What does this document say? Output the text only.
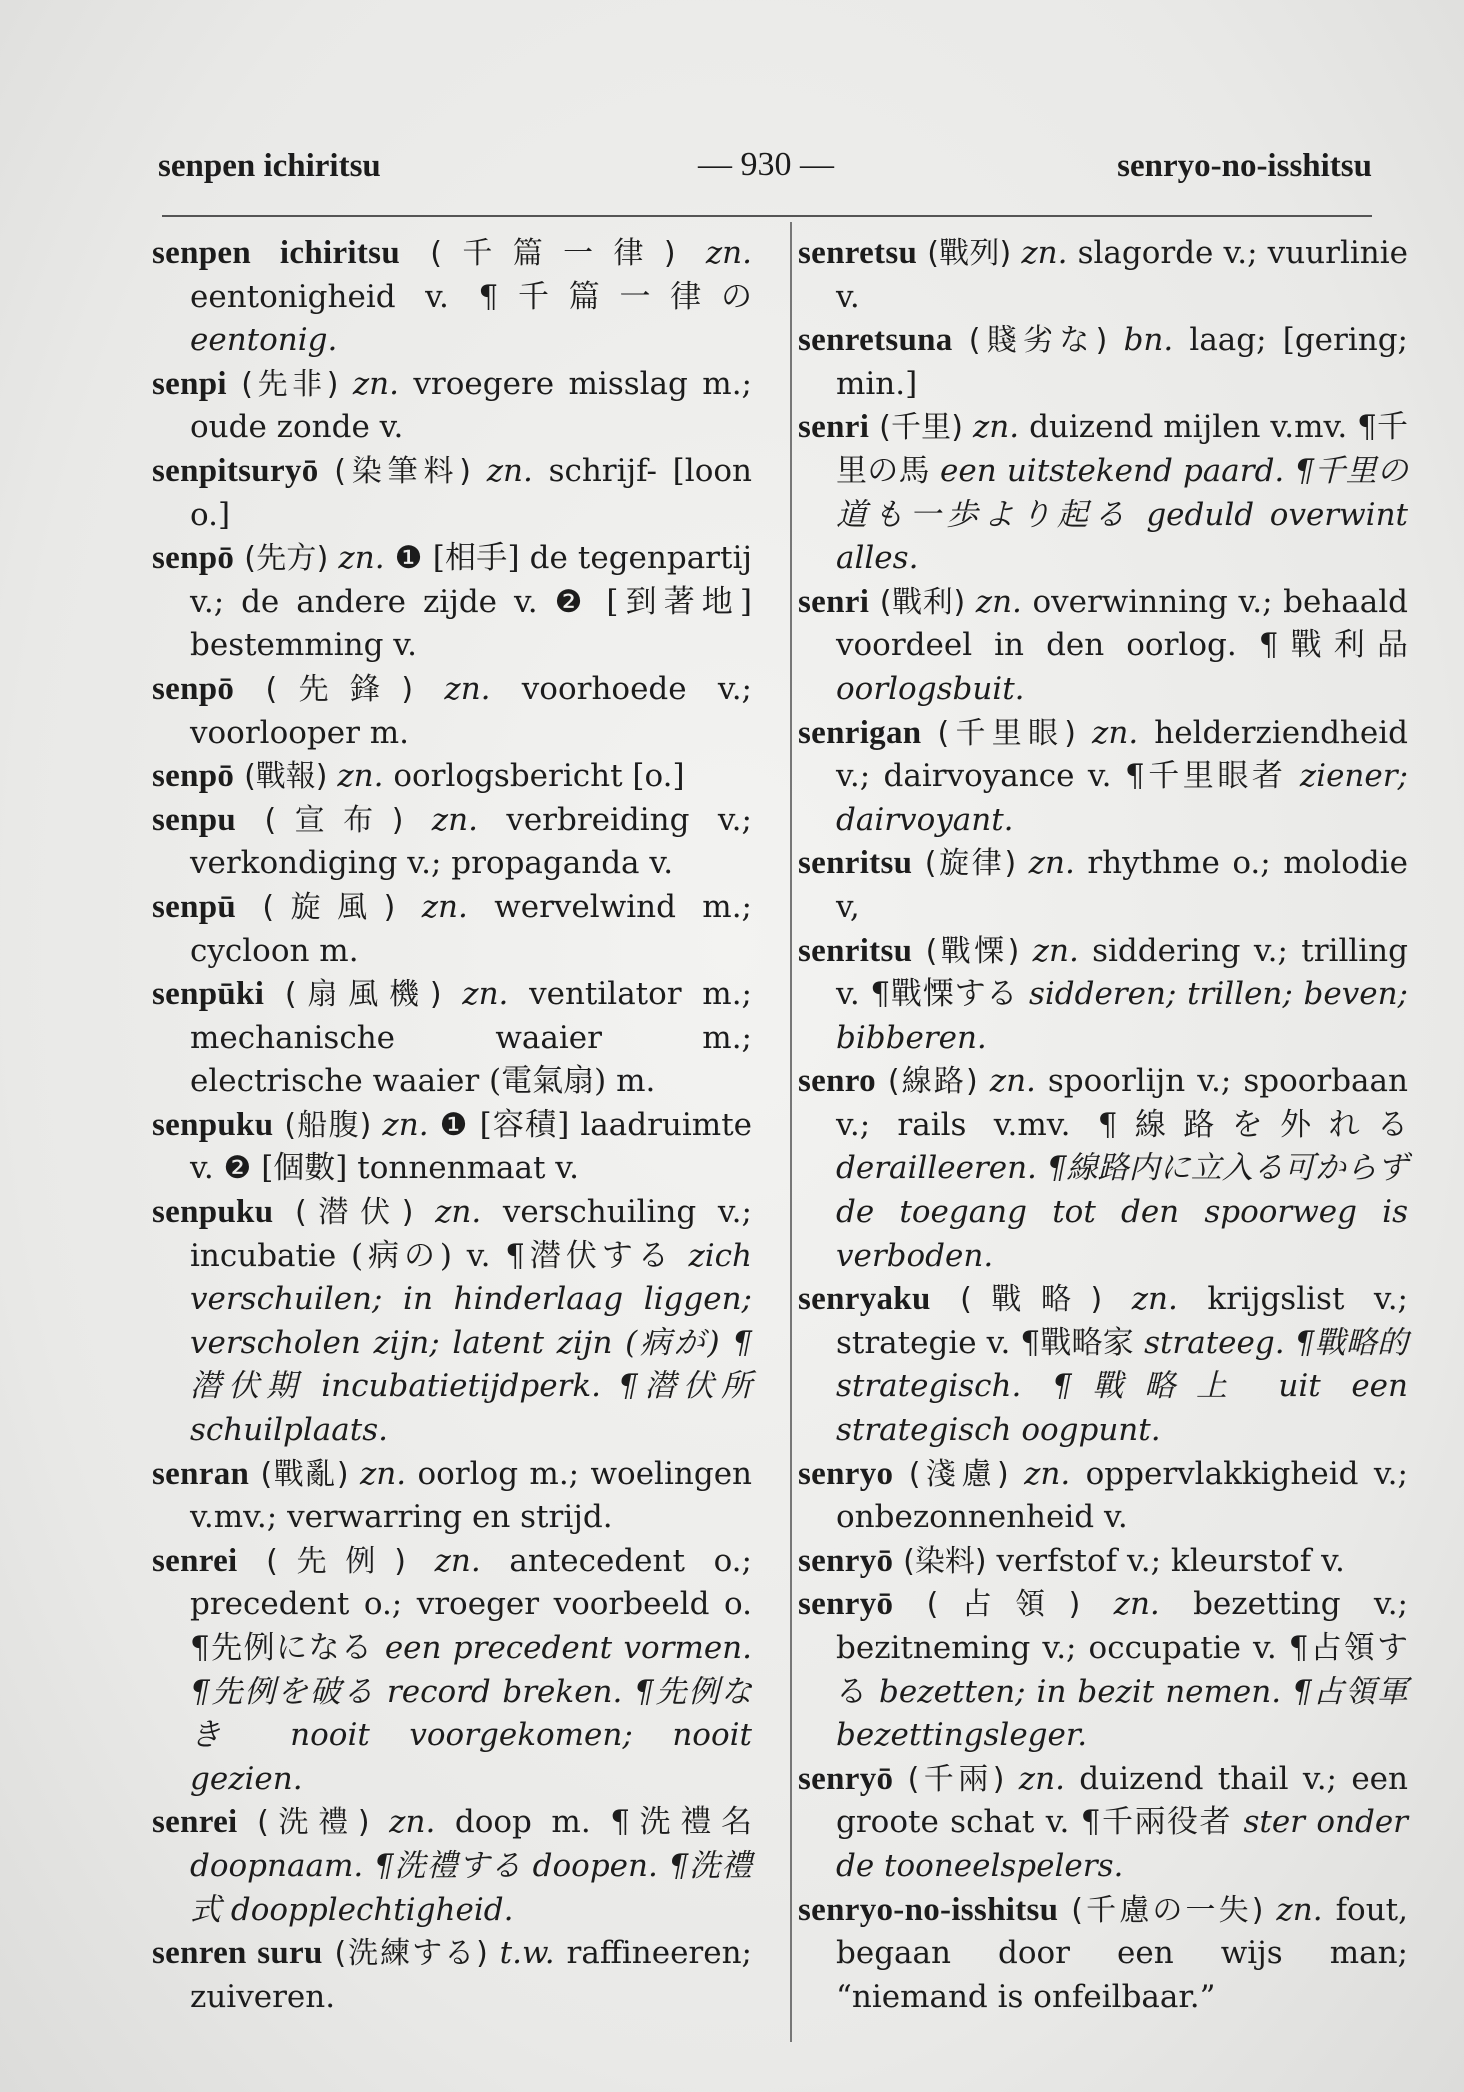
senpen ichiritsu	— 930 —	senryo-no-isshitsu
senpen ichiritsu (千篇一律) zn. eentonigheid v. ¶千篇一律の eentonig.
senpi (先非) zn. vroegere misslag m.; oude zonde v.
senpitsuryō (染筆料) zn. schrijf- [loon o.]
senpō (先方) zn. ❶ [相手] de tegenpartij v.; de andere zijde v. ❷ [到著地] bestemming v.
senpō (先鋒) zn. voorhoede v.; voorlooper m.
senpō (戰報) zn. oorlogsbericht [o.]
senpu (宣布) zn. verbreiding v.; verkondiging v.; propaganda v.
senpū (旋風) zn. wervelwind m.; cycloon m.
senpūki (扇風機) zn. ventilator m.; mechanische waaier m.; electrische waaier (電氣扇) m.
senpuku (船腹) zn. ❶ [容積] laadruimte v. ❷ [個數] tonnenmaat v.
senpuku (潜伏) zn. verschuiling v.; incubatie (病の) v. ¶潜伏する zich verschuilen; in hinderlaag liggen; verscholen zijn; latent zijn (病が) ¶潜伏期 incubatietijdperk. ¶潜伏所 schuilplaats.
senran (戰亂) zn. oorlog m.; woelingen v.mv.; verwarring en strijd.
senrei (先例) zn. antecedent o.; precedent o.; vroeger voorbeeld o. ¶先例になる een precedent vormen. ¶先例を破る record breken. ¶先例なき nooit voorgekomen; nooit gezien.
senrei (洗禮) zn. doop m. ¶洗禮名 doopnaam. ¶洗禮する doopen. ¶洗禮式 doopplechtigheid.
senren suru (洗練する) t.w. raffineeren; zuiveren.
senretsu (戰列) zn. slagorde v.; vuurlinie v.
senretsuna (賤劣な) bn. laag; [gering; min.]
senri (千里) zn. duizend mijlen v.mv. ¶千里の馬 een uitstekend paard. ¶千里の道も一歩より起る geduld overwint alles.
senri (戰利) zn. overwinning v.; behaald voordeel in den oorlog. ¶戰利品 oorlogsbuit.
senrigan (千里眼) zn. helderziendheid v.; dairvoyance v. ¶千里眼者 ziener; dairvoyant.
senritsu (旋律) zn. rhythme o.; molodie v,
senritsu (戰慄) zn. siddering v.; trilling v. ¶戰慄する sidderen; trillen; beven; bibberen.
senro (線路) zn. spoorlijn v.; spoorbaan v.; rails v.mv. ¶線路を外れる derailleeren. ¶線路内に立入る可からず de toegang tot den spoorweg is verboden.
senryaku (戰略) zn. krijgslist v.; strategie v. ¶戰略家 strateeg. ¶戰略的 strategisch. ¶戰略上 uit een strategisch oogpunt.
senryo (淺慮) zn. oppervlakkigheid v.; onbezonnenheid v.
senryō (染料) verfstof v.; kleurstof v.
senryō (占領) zn. bezetting v.; bezitneming v.; occupatie v. ¶占領する bezetten; in bezit nemen. ¶占領軍 bezettingsleger.
senryō (千兩) zn. duizend thail v.; een groote schat v. ¶千兩役者 ster onder de tooneelspelers.
senryo-no-isshitsu (千慮の一失) zn. fout, begaan door een wijs man; “niemand is onfeilbaar.”
